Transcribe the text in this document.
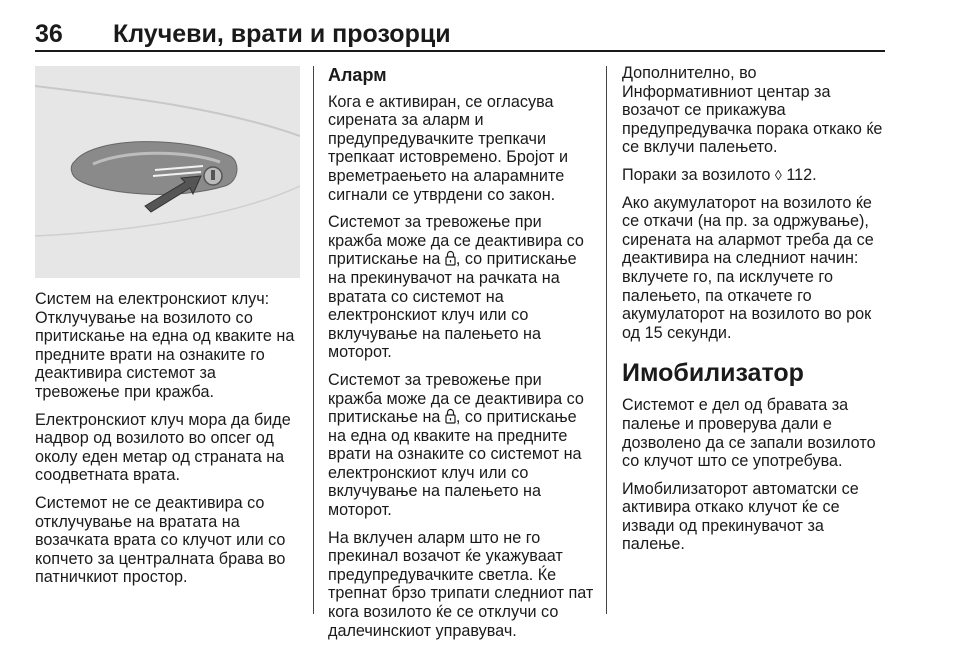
36 Клучеви, врати и прозорци

Систем на електронскиот клуч: Отклучување на возилото со притискање на една од кваките на предните врати на ознаките го деактивира системот за тревожење при кражба.

Електронскиот клуч мора да биде надвор од возилото во опсег од околу еден метар од страната на соодветната врата.

Системот не се деактивира со отклучување на вратата на возачката врата со клучот или со копчето за централната брава во патничкиот простор.

Аларм

Кога е активиран, се огласува сирената за аларм и предупредувачките трепкачи трепкаат истовремено. Бројот и времетраењето на аларамните сигнали се утврдени со закон.

Системот за тревожење при кражба може да се деактивира со притискање на , со притискање на прекинувачот на рачката на вратата со системот на електронскиот клуч или со вклучување на палењето на моторот.

Системот за тревожење при кражба може да се деактивира со притискање на , со притискање на една од кваките на предните врати на ознаките со системот на електронскиот клуч или со вклучување на палењето на моторот.

На вклучен аларм што не го прекинал возачот ќе укажуваат предупредувачките светла. Ќе трепнат брзо трипати следниот пат кога возилото ќе се отклучи со далечинскиот управувач.

Дополнително, во Информативниот центар за возачот се прикажува предупредувачка порака откако ќе се вклучи палењето.

Пораки за возилото ◊ 112.

Ако акумулаторот на возилото ќе се откачи (на пр. за одржување), сирената на алармот треба да се деактивира на следниот начин: вклучете го, па исклучете го палењето, па откачете го акумулаторот на возилото во рок од 15 секунди.

Имобилизатор

Системот е дел од бравата за палење и проверува дали е дозволено да се запали возилото со клучот што се употребува.

Имобилизаторот автоматски се активира откако клучот ќе се извади од прекинувачот за палење.
